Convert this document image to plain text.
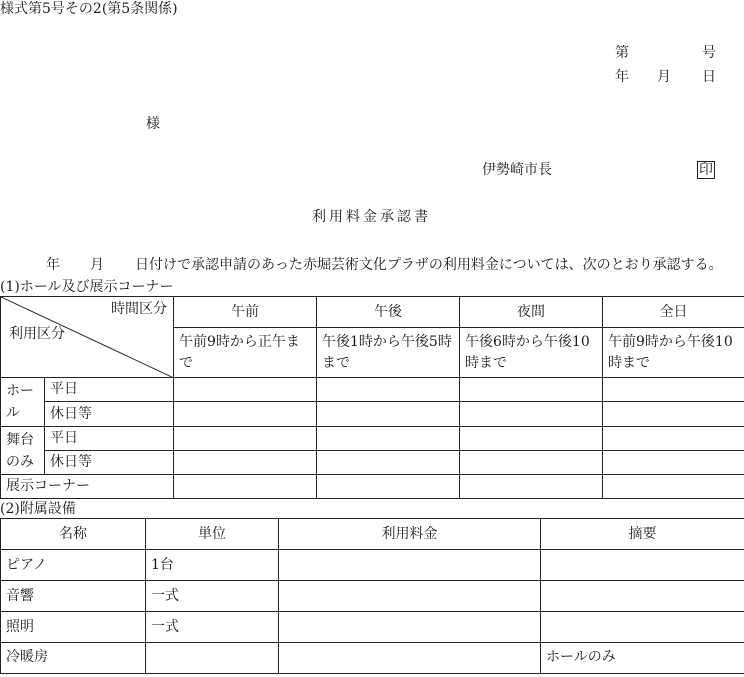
様式第5号その2(第5条関係)
第	号
年 月 日
様
伊勢崎市長	印
利用料金承認書
年 月 日付けで承認申請のあった赤堀芸術文化プラザの利用料金については、次のとおり承認する。
(1)ホール及び展示コーナー
時間区分
利用区分		午前	午後	夜間	全日
		午前9時から正午まで	午後1時から午後5時まで	午後6時から午後10時まで	午前9時から午後10時まで
ホール	平日				
	休日等				
舞台のみ	平日				
	休日等				
展示コーナー					
(2)附属設備
名称	単位	利用料金	摘要
ピアノ	1台		
音響	一式		
照明	一式		
冷暖房			ホールのみ
